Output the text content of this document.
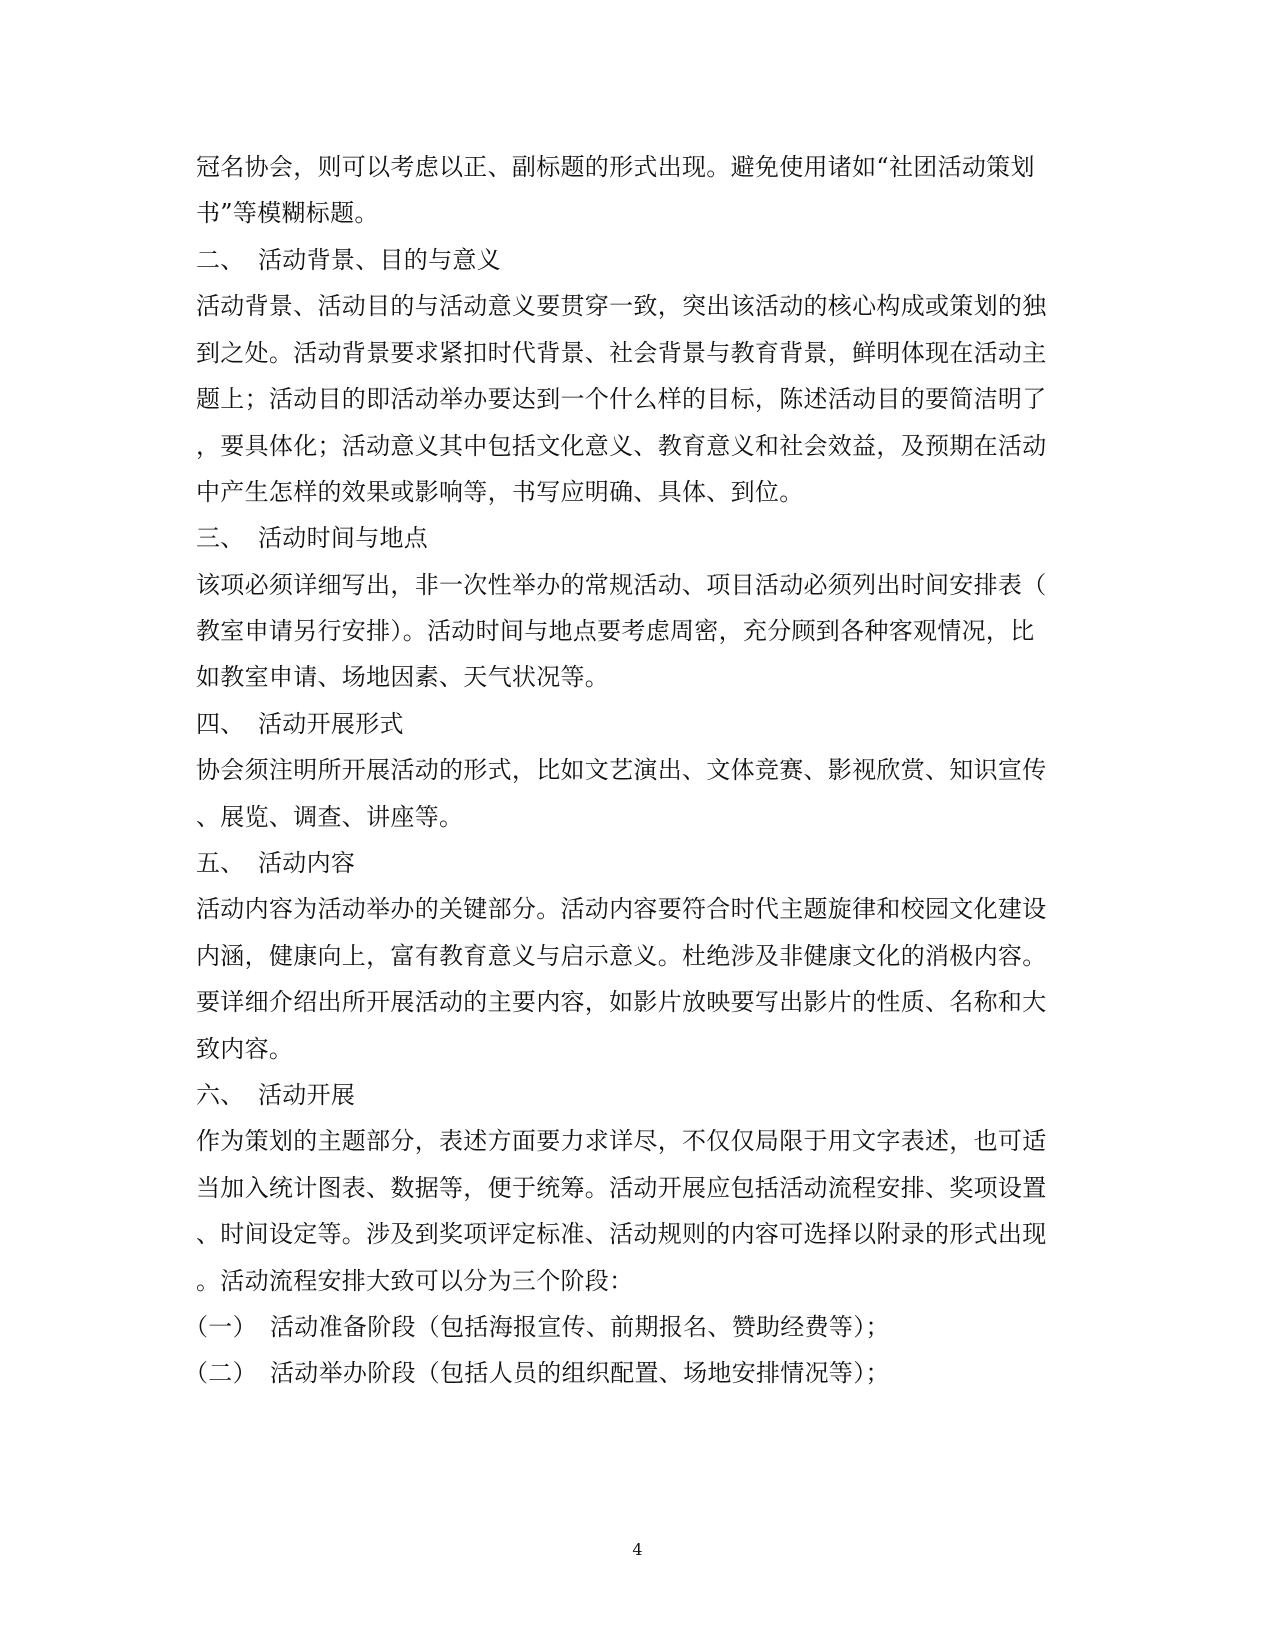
冠名协会，则可以考虑以正、副标题的形式出现。避免使用诸如“社团活动策划
书”等模糊标题。
二、 活动背景、目的与意义
活动背景、活动目的与活动意义要贯穿一致，突出该活动的核心构成或策划的独
到之处。活动背景要求紧扣时代背景、社会背景与教育背景，鲜明体现在活动主
题上；活动目的即活动举办要达到一个什么样的目标，陈述活动目的要简洁明了
，要具体化；活动意义其中包括文化意义、教育意义和社会效益，及预期在活动
中产生怎样的效果或影响等，书写应明确、具体、到位。
三、 活动时间与地点
该项必须详细写出，非一次性举办的常规活动、项目活动必须列出时间安排表（
教室申请另行安排）。活动时间与地点要考虑周密，充分顾到各种客观情况，比
如教室申请、场地因素、天气状况等。
四、 活动开展形式
协会须注明所开展活动的形式，比如文艺演出、文体竞赛、影视欣赏、知识宣传
、展览、调查、讲座等。
五、 活动内容
活动内容为活动举办的关键部分。活动内容要符合时代主题旋律和校园文化建设
内涵，健康向上，富有教育意义与启示意义。杜绝涉及非健康文化的消极内容。
要详细介绍出所开展活动的主要内容，如影片放映要写出影片的性质、名称和大
致内容。
六、 活动开展
作为策划的主题部分，表述方面要力求详尽，不仅仅局限于用文字表述，也可适
当加入统计图表、数据等，便于统筹。活动开展应包括活动流程安排、奖项设置
、时间设定等。涉及到奖项评定标准、活动规则的内容可选择以附录的形式出现
。活动流程安排大致可以分为三个阶段：
（一） 活动准备阶段（包括海报宣传、前期报名、赞助经费等）；
（二） 活动举办阶段（包括人员的组织配置、场地安排情况等）；
4
